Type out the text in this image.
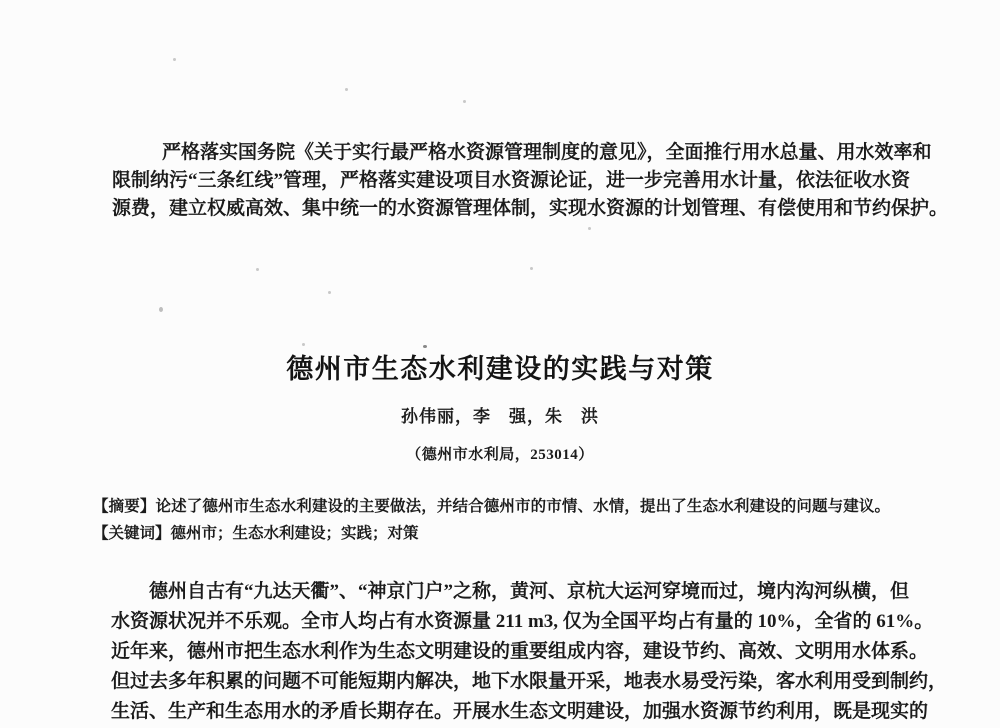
严格落实国务院《关于实行最严格水资源管理制度的意见》，全面推行用水总量、用水效率和

限制纳污“三条红线”管理，严格落实建设项目水资源论证，进一步完善用水计量，依法征收水资

源费，建立权威高效、集中统一的水资源管理体制，实现水资源的计划管理、有偿使用和节约保护。

德州市生态水利建设的实践与对策

孙伟丽，李　强，朱　洪

（德州市水利局，253014）

【摘要】论述了德州市生态水利建设的主要做法，并结合德州市的市情、水情，提出了生态水利建设的问题与建议。

【关键词】德州市；生态水利建设；实践；对策

德州自古有“九达天衢”、“神京门户”之称，黄河、京杭大运河穿境而过，境内沟河纵横，但

水资源状况并不乐观。全市人均占有水资源量 211 m3, 仅为全国平均占有量的 10%，全省的 61%。

近年来，德州市把生态水利作为生态文明建设的重要组成内容，建设节约、高效、文明用水体系。

但过去多年积累的问题不可能短期内解决，地下水限量开采，地表水易受污染，客水利用受到制约，

生活、生产和生态用水的矛盾长期存在。开展水生态文明建设，加强水资源节约利用，既是现实的
